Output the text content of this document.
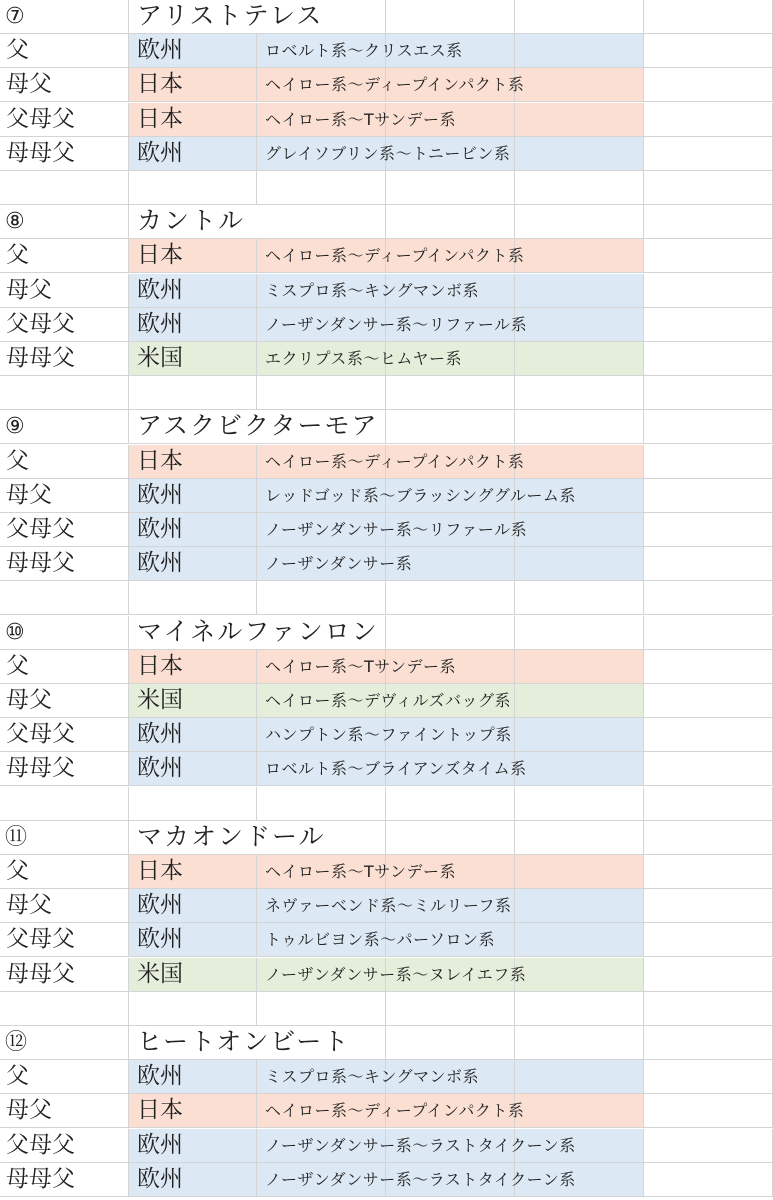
⑦	アリストテレス
父	欧州	ロベルト系～クリスエス系
母父	日本	ヘイロー系～ディープインパクト系
父母父	日本	ヘイロー系～Tサンデー系
母母父	欧州	グレイソブリン系～トニービン系
⑧	カントル
父	日本	ヘイロー系～ディープインパクト系
母父	欧州	ミスプロ系～キングマンボ系
父母父	欧州	ノーザンダンサー系～リファール系
母母父	米国	エクリプス系～ヒムヤー系
⑨	アスクビクターモア
父	日本	ヘイロー系～ディープインパクト系
母父	欧州	レッドゴッド系～ブラッシンググルーム系
父母父	欧州	ノーザンダンサー系～リファール系
母母父	欧州	ノーザンダンサー系
⑩	マイネルファンロン
父	日本	ヘイロー系～Tサンデー系
母父	米国	ヘイロー系～デヴィルズバッグ系
父母父	欧州	ハンプトン系～ファイントップ系
母母父	欧州	ロベルト系～ブライアンズタイム系
⑪	マカオンドール
父	日本	ヘイロー系～Tサンデー系
母父	欧州	ネヴァーベンド系～ミルリーフ系
父母父	欧州	トゥルビヨン系～パーソロン系
母母父	米国	ノーザンダンサー系～ヌレイエフ系
⑫	ヒートオンビート
父	欧州	ミスプロ系～キングマンボ系
母父	日本	ヘイロー系～ディープインパクト系
父母父	欧州	ノーザンダンサー系～ラストタイクーン系
母母父	欧州	ノーザンダンサー系～ラストタイクーン系
